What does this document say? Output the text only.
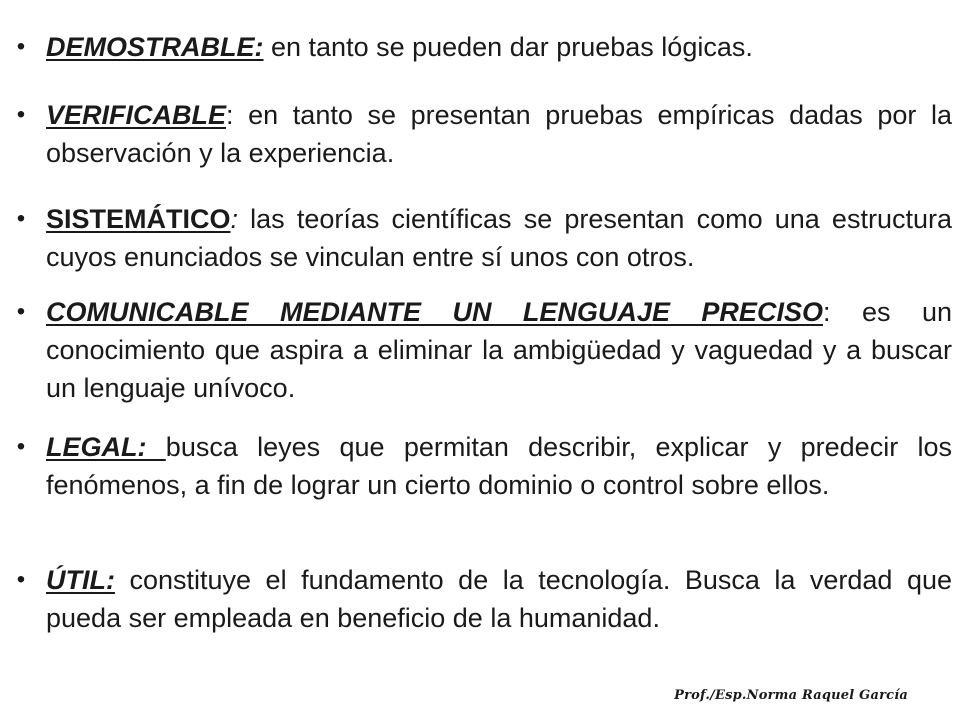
• DEMOSTRABLE: en tanto se pueden dar pruebas lógicas.
• VERIFICABLE: en tanto se presentan pruebas empíricas dadas por la observación y la experiencia.
• SISTEMÁTICO: las teorías científicas se presentan como una estructura cuyos enunciados se vinculan entre sí unos con otros.
• COMUNICABLE MEDIANTE UN LENGUAJE PRECISO: es un conocimiento que aspira a eliminar la ambigüedad y vaguedad y a buscar un lenguaje unívoco.
• LEGAL: busca leyes que permitan describir, explicar y predecir los fenómenos, a fin de lograr un cierto dominio o control sobre ellos.
• ÚTIL: constituye el fundamento de la tecnología. Busca la verdad que pueda ser empleada en beneficio de la humanidad.
Prof./Esp.Norma Raquel García
